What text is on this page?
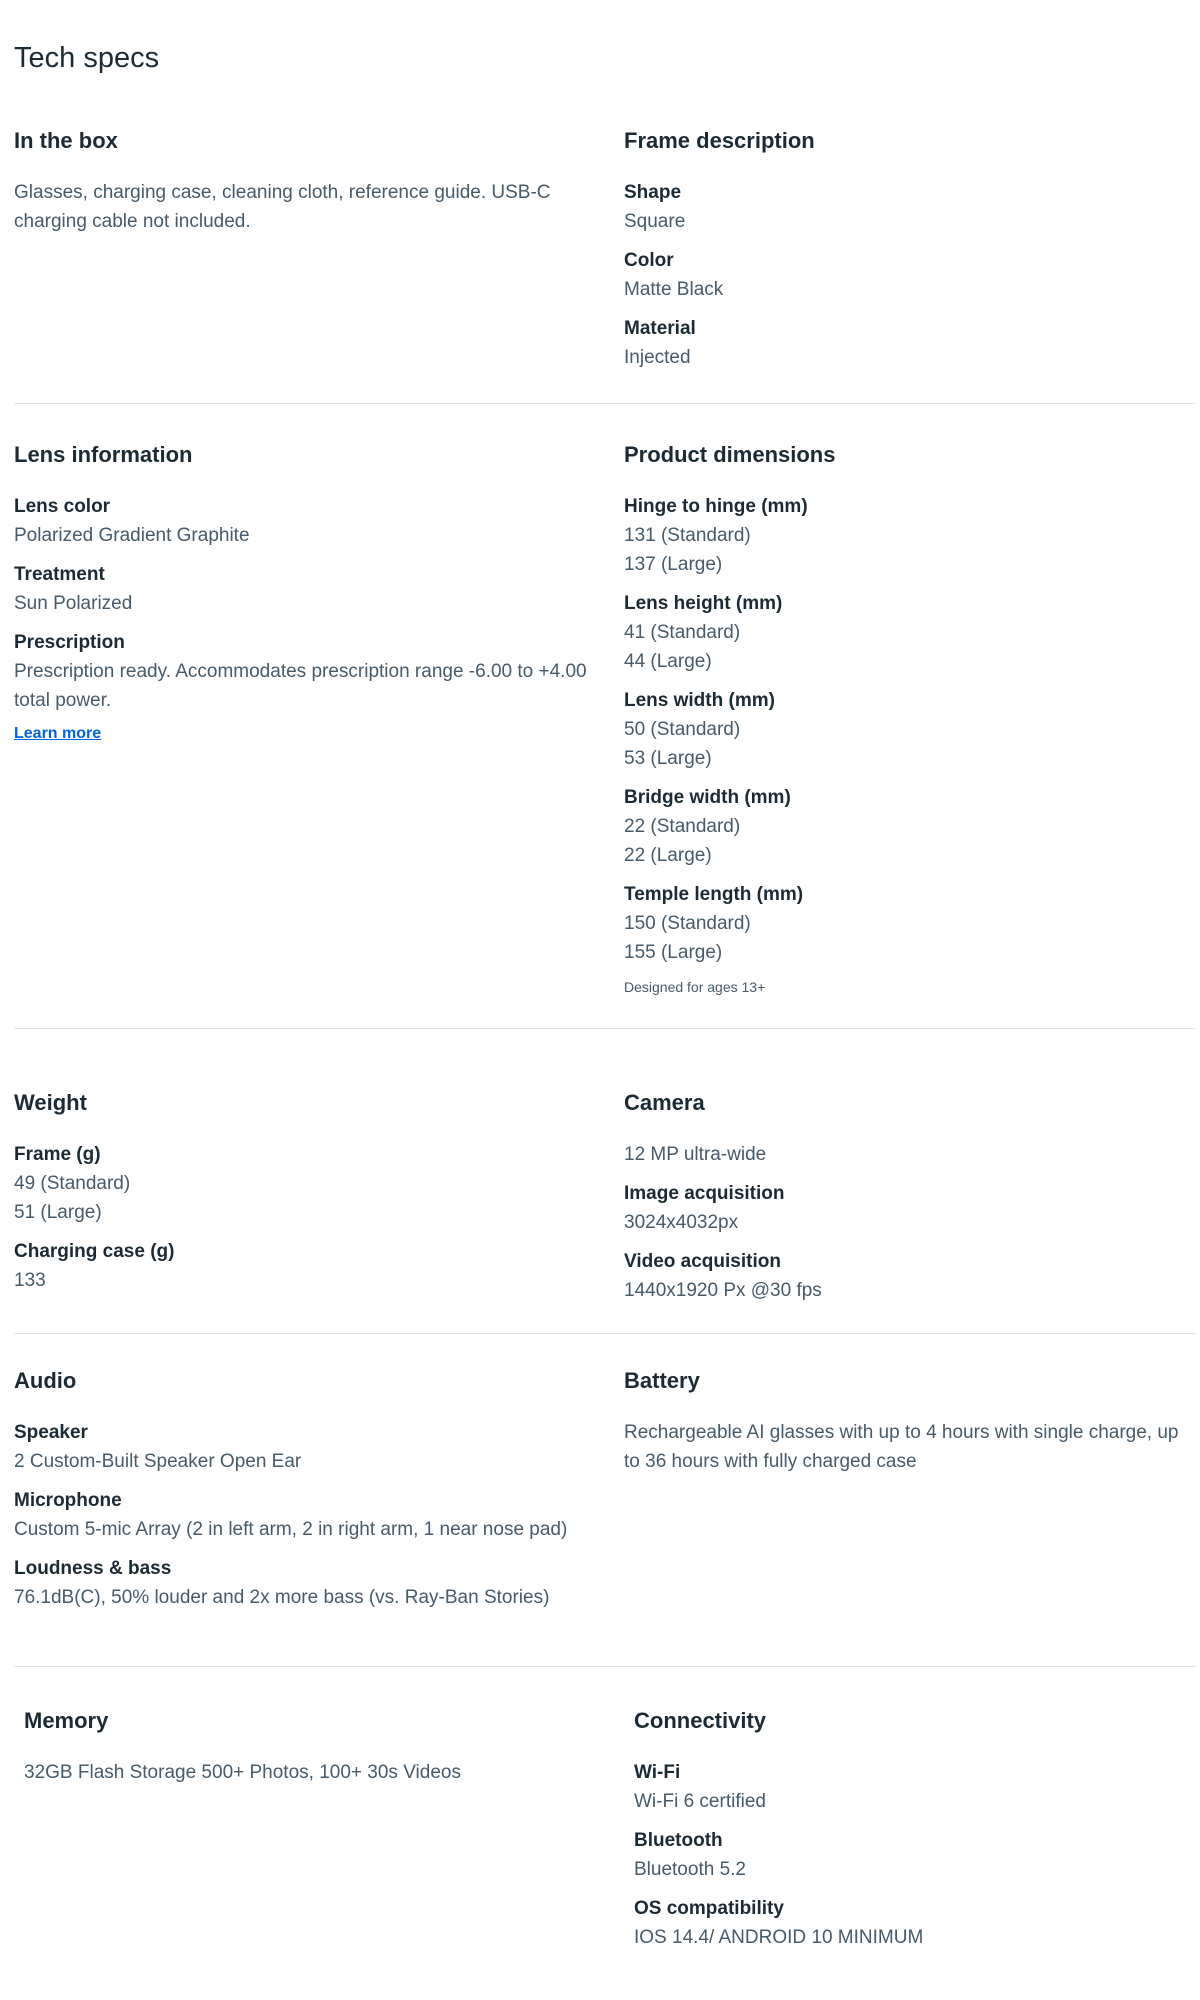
Tech specs
In the box
Glasses, charging case, cleaning cloth, reference guide. USB-C charging cable not included.
Frame description
Shape
Square
Color
Matte Black
Material
Injected
Lens information
Lens color
Polarized Gradient Graphite
Treatment
Sun Polarized
Prescription
Prescription ready. Accommodates prescription range -6.00 to +4.00 total power.
Learn more
Product dimensions
Hinge to hinge (mm)
131 (Standard)
137 (Large)
Lens height (mm)
41 (Standard)
44 (Large)
Lens width (mm)
50 (Standard)
53 (Large)
Bridge width (mm)
22 (Standard)
22 (Large)
Temple length (mm)
150 (Standard)
155 (Large)
Designed for ages 13+
Weight
Frame (g)
49 (Standard)
51 (Large)
Charging case (g)
133
Camera
12 MP ultra-wide
Image acquisition
3024x4032px
Video acquisition
1440x1920 Px @30 fps
Audio
Speaker
2 Custom-Built Speaker Open Ear
Microphone
Custom 5-mic Array (2 in left arm, 2 in right arm, 1 near nose pad)
Loudness & bass
76.1dB(C), 50% louder and 2x more bass (vs. Ray-Ban Stories)
Battery
Rechargeable AI glasses with up to 4 hours with single charge, up to 36 hours with fully charged case
Memory
32GB Flash Storage 500+ Photos, 100+ 30s Videos
Connectivity
Wi-Fi
Wi-Fi 6 certified
Bluetooth
Bluetooth 5.2
OS compatibility
IOS 14.4/ ANDROID 10 MINIMUM
